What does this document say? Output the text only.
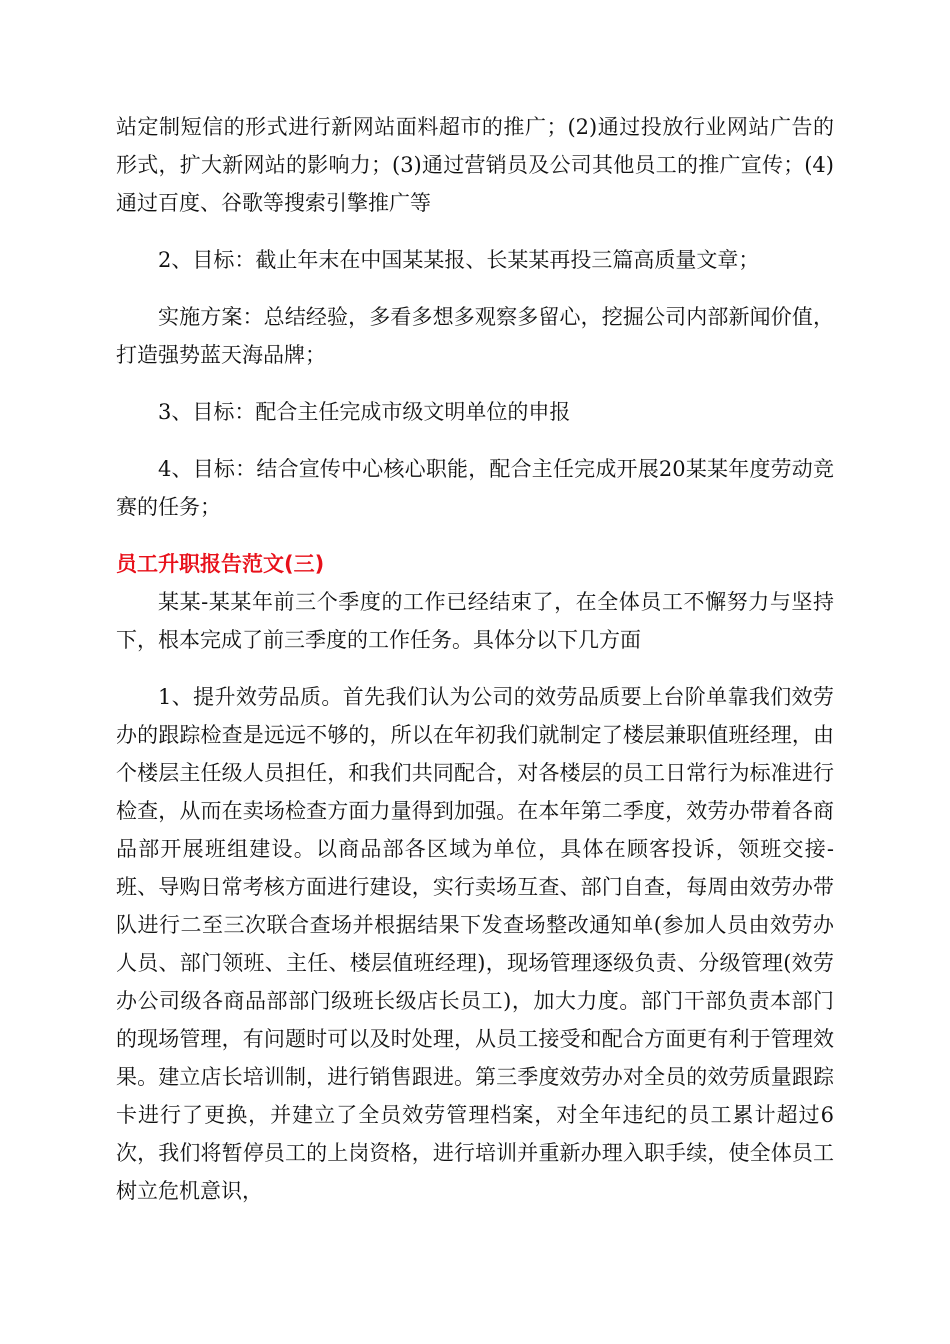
站定制短信的形式进行新网站面料超市的推广；(2)通过投放行业网站广告的形式，扩大新网站的影响力；(3)通过营销员及公司其他员工的推广宣传；(4)通过百度、谷歌等搜索引擎推广等

2、目标：截止年末在中国某某报、长某某再投三篇高质量文章；

实施方案：总结经验，多看多想多观察多留心，挖掘公司内部新闻价值，打造强势蓝天海品牌；

3、目标：配合主任完成市级文明单位的申报

4、目标：结合宣传中心核心职能，配合主任完成开展20某某年度劳动竞赛的任务；

员工升职报告范文(三)

某某-某某年前三个季度的工作已经结束了，在全体员工不懈努力与坚持下，根本完成了前三季度的工作任务。具体分以下几方面

1、提升效劳品质。首先我们认为公司的效劳品质要上台阶单靠我们效劳办的跟踪检查是远远不够的，所以在年初我们就制定了楼层兼职值班经理，由个楼层主任级人员担任，和我们共同配合，对各楼层的员工日常行为标准进行检查，从而在卖场检查方面力量得到加强。在本年第二季度，效劳办带着各商品部开展班组建设。以商品部各区域为单位，具体在顾客投诉，领班交接-班、导购日常考核方面进行建设，实行卖场互查、部门自查，每周由效劳办带队进行二至三次联合查场并根据结果下发查场整改通知单(参加人员由效劳办人员、部门领班、主任、楼层值班经理)，现场管理逐级负责、分级管理(效劳办公司级各商品部部门级班长级店长员工)，加大力度。部门干部负责本部门的现场管理，有问题时可以及时处理，从员工接受和配合方面更有利于管理效果。建立店长培训制，进行销售跟进。第三季度效劳办对全员的效劳质量跟踪卡进行了更换，并建立了全员效劳管理档案，对全年违纪的员工累计超过6次，我们将暂停员工的上岗资格，进行培训并重新办理入职手续，使全体员工树立危机意识，
